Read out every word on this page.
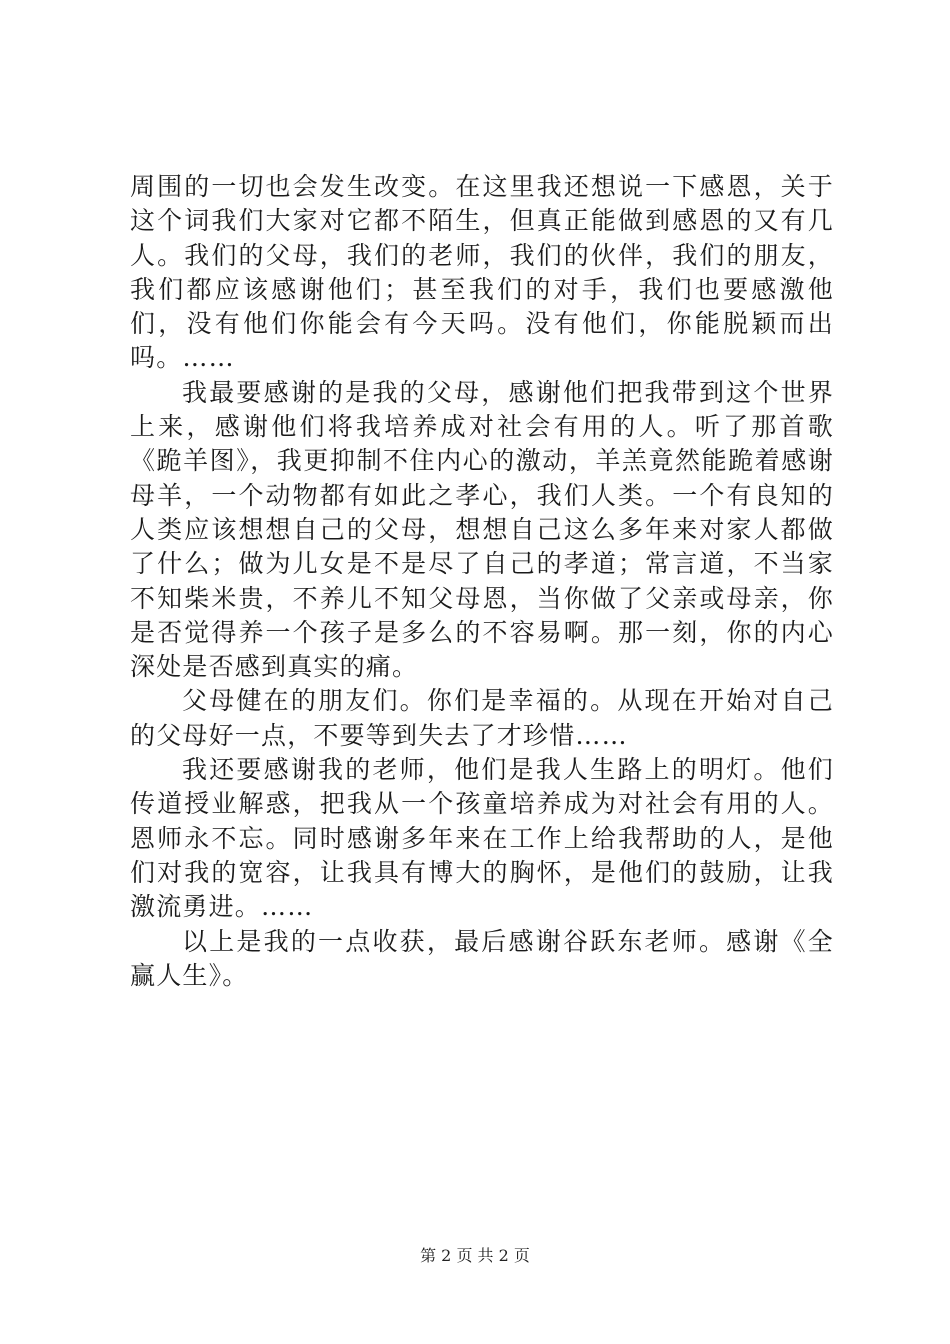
周围的一切也会发生改变。在这里我还想说一下感恩，关于这个词我们大家对它都不陌生，但真正能做到感恩的又有几人。我们的父母，我们的老师，我们的伙伴，我们的朋友，我们都应该感谢他们；甚至我们的对手，我们也要感激他们，没有他们你能会有今天吗。没有他们，你能脱颖而出吗。……

我最要感谢的是我的父母，感谢他们把我带到这个世界上来，感谢他们将我培养成对社会有用的人。听了那首歌《跪羊图》，我更抑制不住内心的激动，羊羔竟然能跪着感谢母羊，一个动物都有如此之孝心，我们人类。一个有良知的人类应该想想自己的父母，想想自己这么多年来对家人都做了什么；做为儿女是不是尽了自己的孝道；常言道，不当家不知柴米贵，不养儿不知父母恩，当你做了父亲或母亲，你是否觉得养一个孩子是多么的不容易啊。那一刻，你的内心深处是否感到真实的痛。

父母健在的朋友们。你们是幸福的。从现在开始对自己的父母好一点，不要等到失去了才珍惜……

我还要感谢我的老师，他们是我人生路上的明灯。他们传道授业解惑，把我从一个孩童培养成为对社会有用的人。恩师永不忘。同时感谢多年来在工作上给我帮助的人，是他们对我的宽容，让我具有博大的胸怀，是他们的鼓励，让我激流勇进。……

以上是我的一点收获，最后感谢谷跃东老师。感谢《全赢人生》。

第 2 页 共 2 页
